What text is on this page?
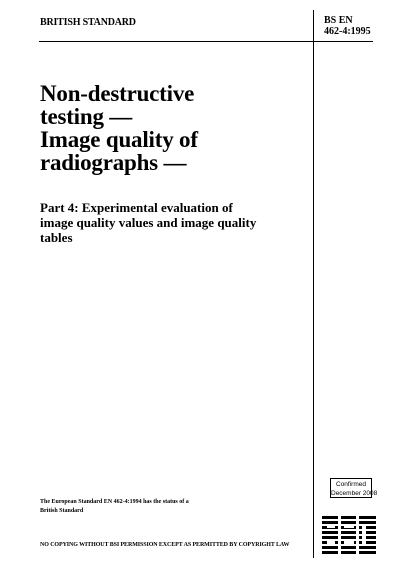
BRITISH STANDARD	BS EN
462-4:1995
Non-destructive
testing —
Image quality of
radiographs —
Part 4: Experimental evaluation of
image quality values and image quality
tables
Confirmed
December 2008
The European Standard EN 462-4:1994 has the status of a
British Standard
NO COPYING WITHOUT BSI PERMISSION EXCEPT AS PERMITTED BY COPYRIGHT LAW
